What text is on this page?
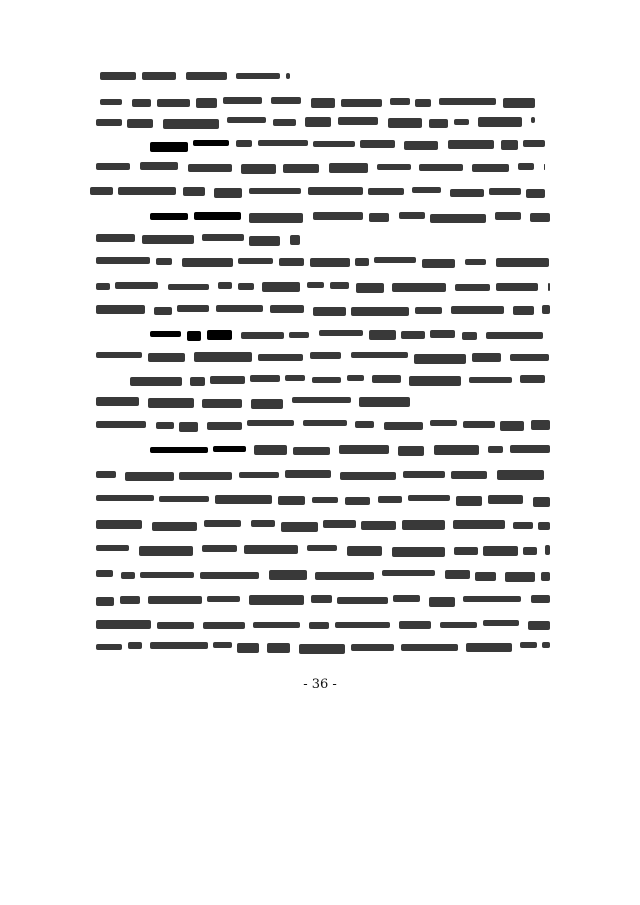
- 36 -
